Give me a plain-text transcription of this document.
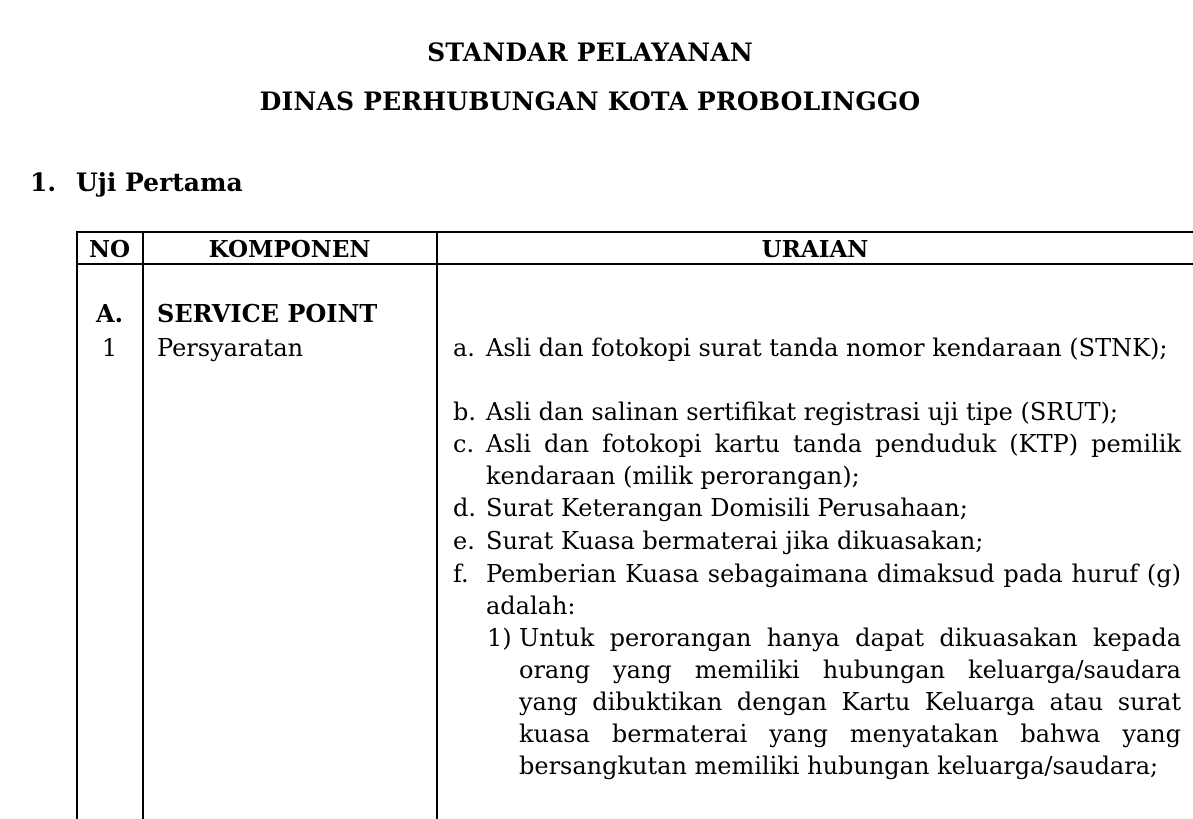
STANDAR PELAYANAN
DINAS PERHUBUNGAN KOTA PROBOLINGGO
1. Uji Pertama
NO	KOMPONEN	URAIAN
A.	SERVICE POINT
1	Persyaratan	a. Asli dan fotokopi surat tanda nomor kendaraan (STNK);
b. Asli dan salinan sertifikat registrasi uji tipe (SRUT);
c. Asli dan fotokopi kartu tanda penduduk (KTP) pemilik kendaraan (milik perorangan);
d. Surat Keterangan Domisili Perusahaan;
e. Surat Kuasa bermaterai jika dikuasakan;
f. Pemberian Kuasa sebagaimana dimaksud pada huruf (g) adalah:
1) Untuk perorangan hanya dapat dikuasakan kepada orang yang memiliki hubungan keluarga/saudara yang dibuktikan dengan Kartu Keluarga atau surat kuasa bermaterai yang menyatakan bahwa yang bersangkutan memiliki hubungan keluarga/saudara;
